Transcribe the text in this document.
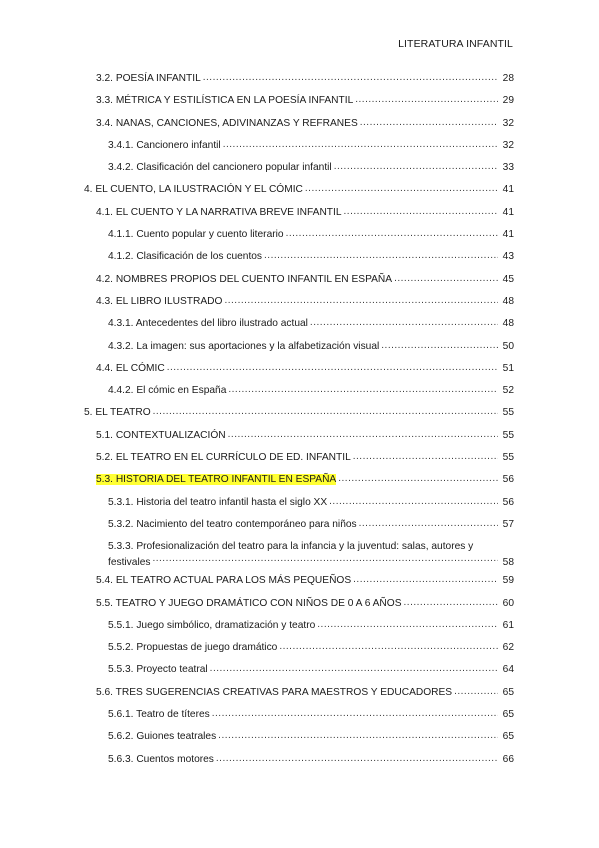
LITERATURA INFANTIL
3.2. POESÍA INFANTIL .....	28
3.3. MÉTRICA Y ESTILÍSTICA EN LA POESÍA INFANTIL .....	29
3.4. NANAS, CANCIONES, ADIVINANZAS Y REFRANES .....	32
3.4.1. Cancionero infantil .....	32
3.4.2. Clasificación del cancionero popular infantil .....	33
4. EL CUENTO, LA ILUSTRACIÓN Y EL CÓMIC .....	41
4.1. EL CUENTO Y LA NARRATIVA BREVE INFANTIL .....	41
4.1.1. Cuento popular y cuento literario .....	41
4.1.2. Clasificación de los cuentos .....	43
4.2. NOMBRES PROPIOS DEL CUENTO INFANTIL EN ESPAÑA .....	45
4.3. EL LIBRO ILUSTRADO .....	48
4.3.1. Antecedentes del libro ilustrado actual .....	48
4.3.2. La imagen: sus aportaciones y la alfabetización visual .....	50
4.4. EL CÓMIC .....	51
4.4.2. El cómic en España .....	52
5. EL TEATRO .....	55
5.1. CONTEXTUALIZACIÓN .....	55
5.2. EL TEATRO EN EL CURRÍCULO DE ED. INFANTIL .....	55
5.3. HISTORIA DEL TEATRO INFANTIL EN ESPAÑA .....	56
5.3.1. Historia del teatro infantil hasta el siglo XX .....	56
5.3.2. Nacimiento del teatro contemporáneo para niños .....	57
5.3.3. Profesionalización del teatro para la infancia y la juventud: salas, autores y
festivales .....	58
5.4. EL TEATRO ACTUAL PARA LOS MÁS PEQUEÑOS .....	59
5.5. TEATRO Y JUEGO DRAMÁTICO CON NIÑOS DE 0 A 6 AÑOS .....	60
5.5.1. Juego simbólico, dramatización y teatro .....	61
5.5.2. Propuestas de juego dramático .....	62
5.5.3. Proyecto teatral .....	64
5.6. TRES SUGERENCIAS CREATIVAS PARA MAESTROS Y EDUCADORES .....	65
5.6.1. Teatro de títeres .....	65
5.6.2. Guiones teatrales .....	65
5.6.3. Cuentos motores .....	66
